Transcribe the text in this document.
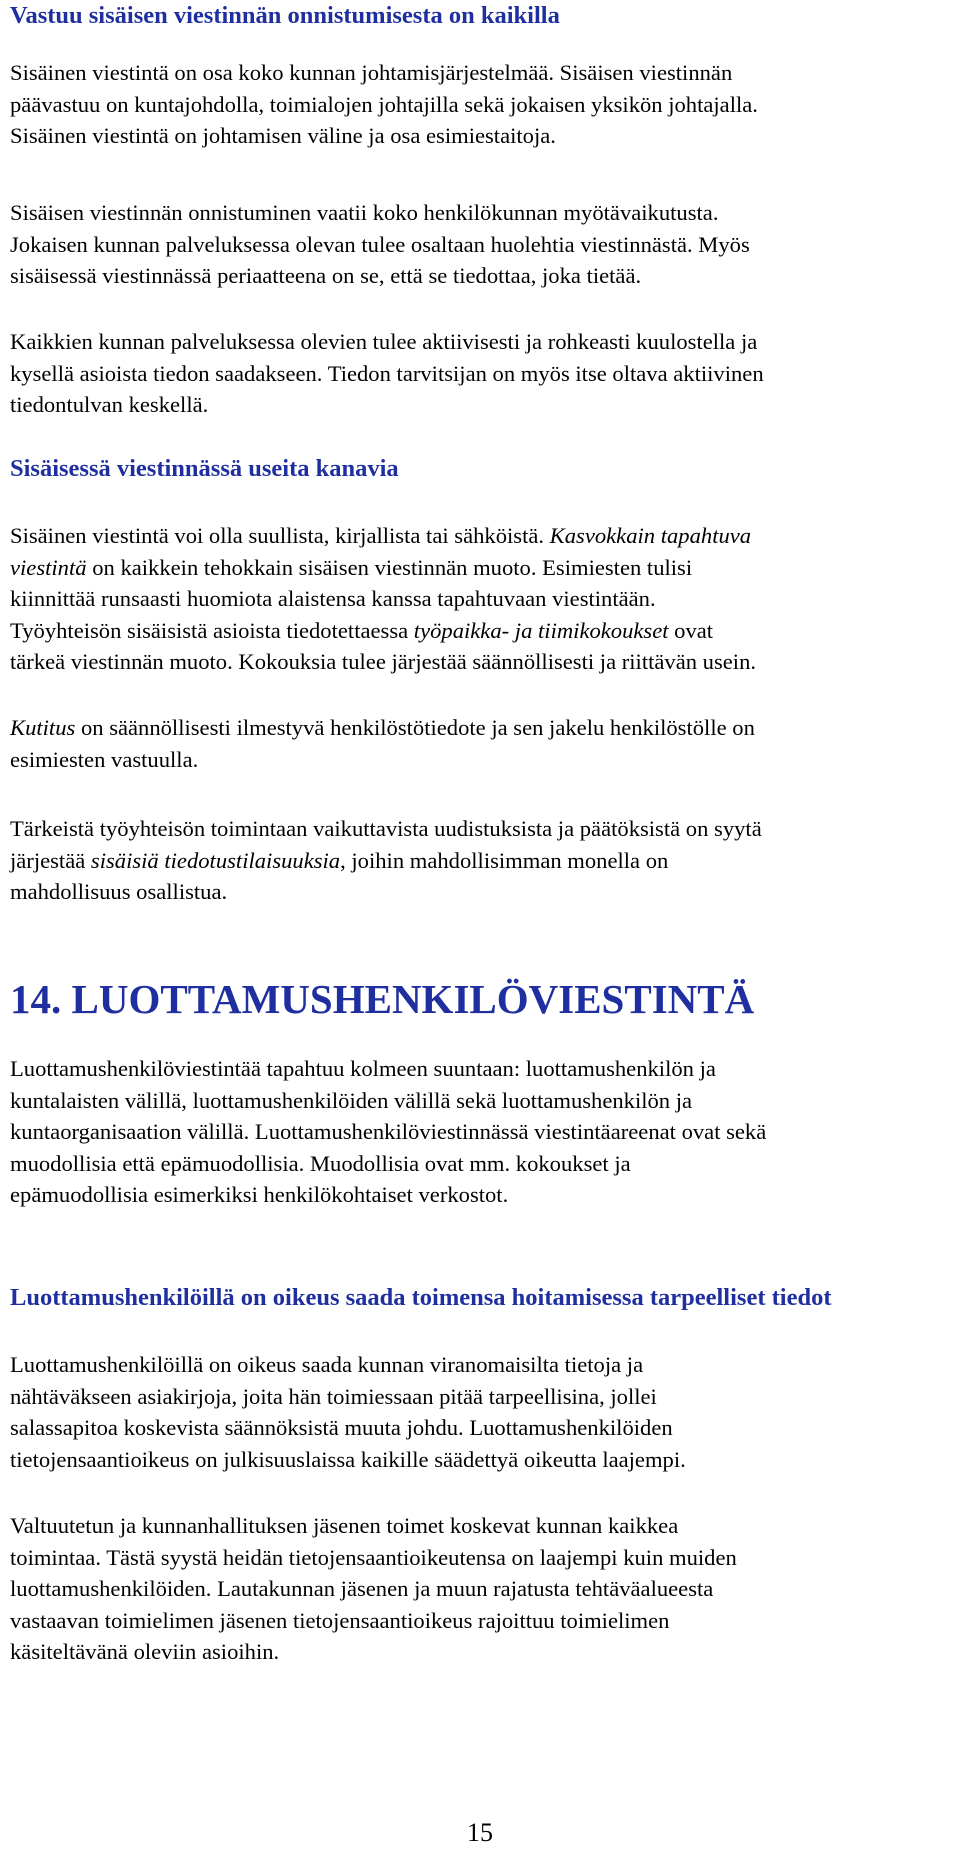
Vastuu sisäisen viestinnän onnistumisesta on kaikilla
Sisäinen viestintä on osa koko kunnan johtamisjärjestelmää. Sisäisen viestinnän
päävastuu on kuntajohdolla, toimialojen johtajilla sekä jokaisen yksikön johtajalla.
Sisäinen viestintä on johtamisen väline ja osa esimiestaitoja.
Sisäisen viestinnän onnistuminen vaatii koko henkilökunnan myötävaikutusta.
Jokaisen kunnan palveluksessa olevan tulee osaltaan huolehtia viestinnästä. Myös
sisäisessä viestinnässä periaatteena on se, että se tiedottaa, joka tietää.
Kaikkien kunnan palveluksessa olevien tulee aktiivisesti ja rohkeasti kuulostella ja
kysellä asioista tiedon saadakseen. Tiedon tarvitsijan on myös itse oltava aktiivinen
tiedontulvan keskellä.
Sisäisessä viestinnässä useita kanavia
Sisäinen viestintä voi olla suullista, kirjallista tai sähköistä. Kasvokkain tapahtuva
viestintä on kaikkein tehokkain sisäisen viestinnän muoto. Esimiesten tulisi
kiinnittää runsaasti huomiota alaistensa kanssa tapahtuvaan viestintään.
Työyhteisön sisäisistä asioista tiedotettaessa työpaikka- ja tiimikokoukset ovat
tärkeä viestinnän muoto. Kokouksia tulee järjestää säännöllisesti ja riittävän usein.
Kutitus on säännöllisesti ilmestyvä henkilöstötiedote ja sen jakelu henkilöstölle on
esimiesten vastuulla.
Tärkeistä työyhteisön toimintaan vaikuttavista uudistuksista ja päätöksistä on syytä
järjestää sisäisiä tiedotustilaisuuksia, joihin mahdollisimman monella on
mahdollisuus osallistua.
14. LUOTTAMUSHENKILÖVIESTINTÄ
Luottamushenkilöviestintää tapahtuu kolmeen suuntaan: luottamushenkilön ja
kuntalaisten välillä, luottamushenkilöiden välillä sekä luottamushenkilön ja
kuntaorganisaation välillä. Luottamushenkilöviestinnässä viestintäareenat ovat sekä
muodollisia että epämuodollisia. Muodollisia ovat mm. kokoukset ja
epämuodollisia esimerkiksi henkilökohtaiset verkostot.
Luottamushenkilöillä on oikeus saada toimensa hoitamisessa tarpeelliset tiedot
Luottamushenkilöillä on oikeus saada kunnan viranomaisilta tietoja ja
nähtäväkseen asiakirjoja, joita hän toimiessaan pitää tarpeellisina, jollei
salassapitoa koskevista säännöksistä muuta johdu. Luottamushenkilöiden
tietojensaantioikeus on julkisuuslaissa kaikille säädettyä oikeutta laajempi.
Valtuutetun ja kunnanhallituksen jäsenen toimet koskevat kunnan kaikkea
toimintaa. Tästä syystä heidän tietojensaantioikeutensa on laajempi kuin muiden
luottamushenkilöiden. Lautakunnan jäsenen ja muun rajatusta tehtäväalueesta
vastaavan toimielimen jäsenen tietojensaantioikeus rajoittuu toimielimen
käsiteltävänä oleviin asioihin.
15
